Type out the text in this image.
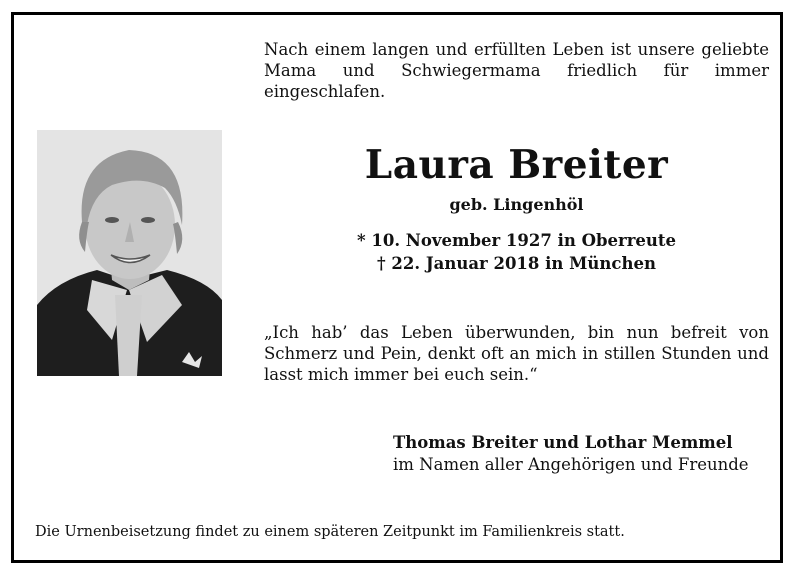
Nach einem langen und erfüllten Leben ist unsere geliebte Mama und Schwiegermama friedlich für immer eingeschlafen.

Laura Breiter
geb. Lingenhöl
* 10. November 1927 in Oberreute
† 22. Januar 2018 in München

„Ich hab’ das Leben überwunden, bin nun befreit von Schmerz und Pein, denkt oft an mich in stillen Stunden und lasst mich immer bei euch sein.“

Thomas Breiter und Lothar Memmel
im Namen aller Angehörigen und Freunde
Die Urnenbeisetzung findet zu einem späteren Zeitpunkt im Familienkreis statt.
